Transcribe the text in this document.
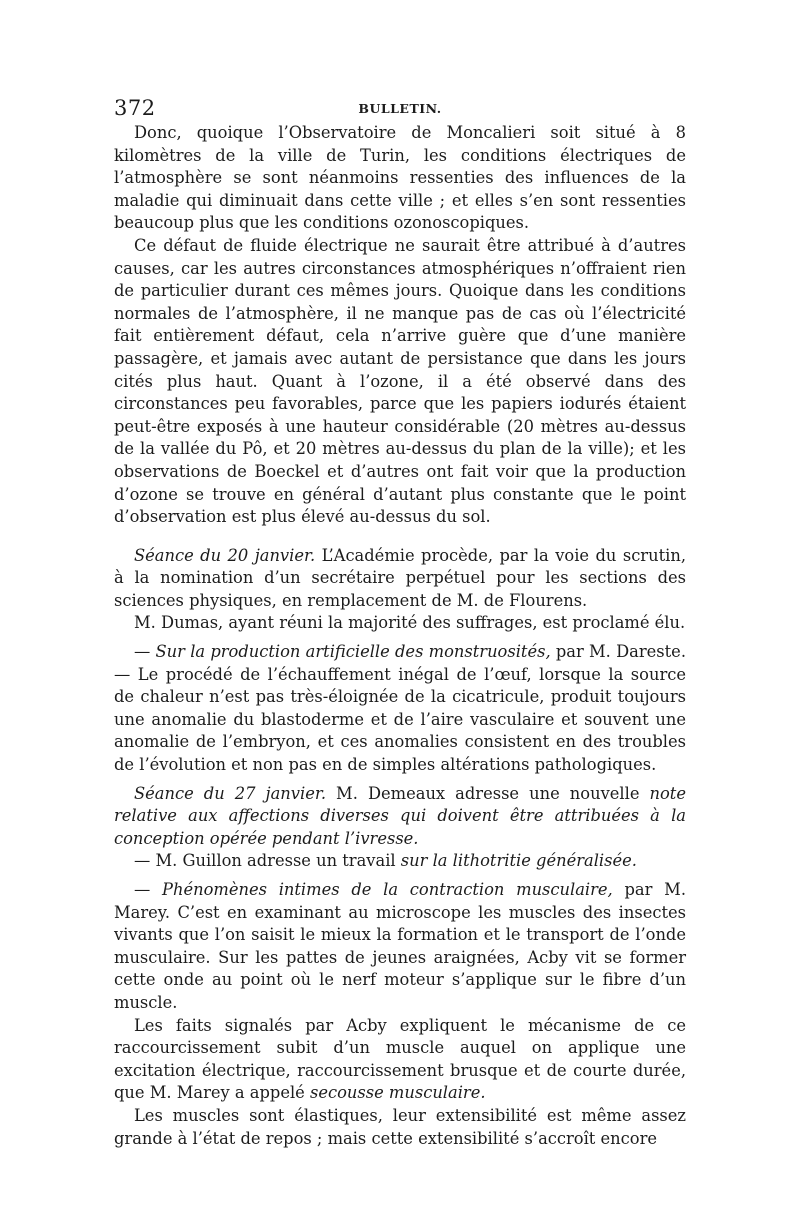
372	BULLETIN.

Donc, quoique l’Observatoire de Moncalieri soit situé à 8 kilomètres de la ville de Turin, les conditions électriques de l’atmosphère se sont néanmoins ressenties des influences de la maladie qui diminuait dans cette ville ; et elles s’en sont ressenties beaucoup plus que les conditions ozonoscopiques.

Ce défaut de fluide électrique ne saurait être attribué à d’autres causes, car les autres circonstances atmosphériques n’offraient rien de particulier durant ces mêmes jours. Quoique dans les conditions normales de l’atmosphère, il ne manque pas de cas où l’électricité fait entièrement défaut, cela n’arrive guère que d’une manière passagère, et jamais avec autant de persistance que dans les jours cités plus haut. Quant à l’ozone, il a été observé dans des circonstances peu favorables, parce que les papiers iodurés étaient peut-être exposés à une hauteur considérable (20 mètres au-dessus de la vallée du Pô, et 20 mètres au-dessus du plan de la ville); et les observations de Boeckel et d’autres ont fait voir que la production d’ozone se trouve en général d’autant plus constante que le point d’observation est plus élevé au-dessus du sol.

Séance du 20 janvier. L’Académie procède, par la voie du scrutin, à la nomination d’un secrétaire perpétuel pour les sections des sciences physiques, en remplacement de M. de Flourens.

M. Dumas, ayant réuni la majorité des suffrages, est proclamé élu.

— Sur la production artificielle des monstruosités, par M. Dareste. — Le procédé de l’échauffement inégal de l’œuf, lorsque la source de chaleur n’est pas très-éloignée de la cicatricule, produit toujours une anomalie du blastoderme et de l’aire vasculaire et souvent une anomalie de l’embryon, et ces anomalies consistent en des troubles de l’évolution et non pas en de simples altérations pathologiques.

Séance du 27 janvier. M. Demeaux adresse une nouvelle note relative aux affections diverses qui doivent être attribuées à la conception opérée pendant l’ivresse.

— M. Guillon adresse un travail sur la lithotritie généralisée.

— Phénomènes intimes de la contraction musculaire, par M. Marey. C’est en examinant au microscope les muscles des insectes vivants que l’on saisit le mieux la formation et le transport de l’onde musculaire. Sur les pattes de jeunes araignées, Acby vit se former cette onde au point où le nerf moteur s’applique sur le fibre d’un muscle.

Les faits signalés par Acby expliquent le mécanisme de ce raccourcissement subit d’un muscle auquel on applique une excitation électrique, raccourcissement brusque et de courte durée, que M. Marey a appelé secousse musculaire.

Les muscles sont élastiques, leur extensibilité est même assez grande à l’état de repos ; mais cette extensibilité s’accroît encore
